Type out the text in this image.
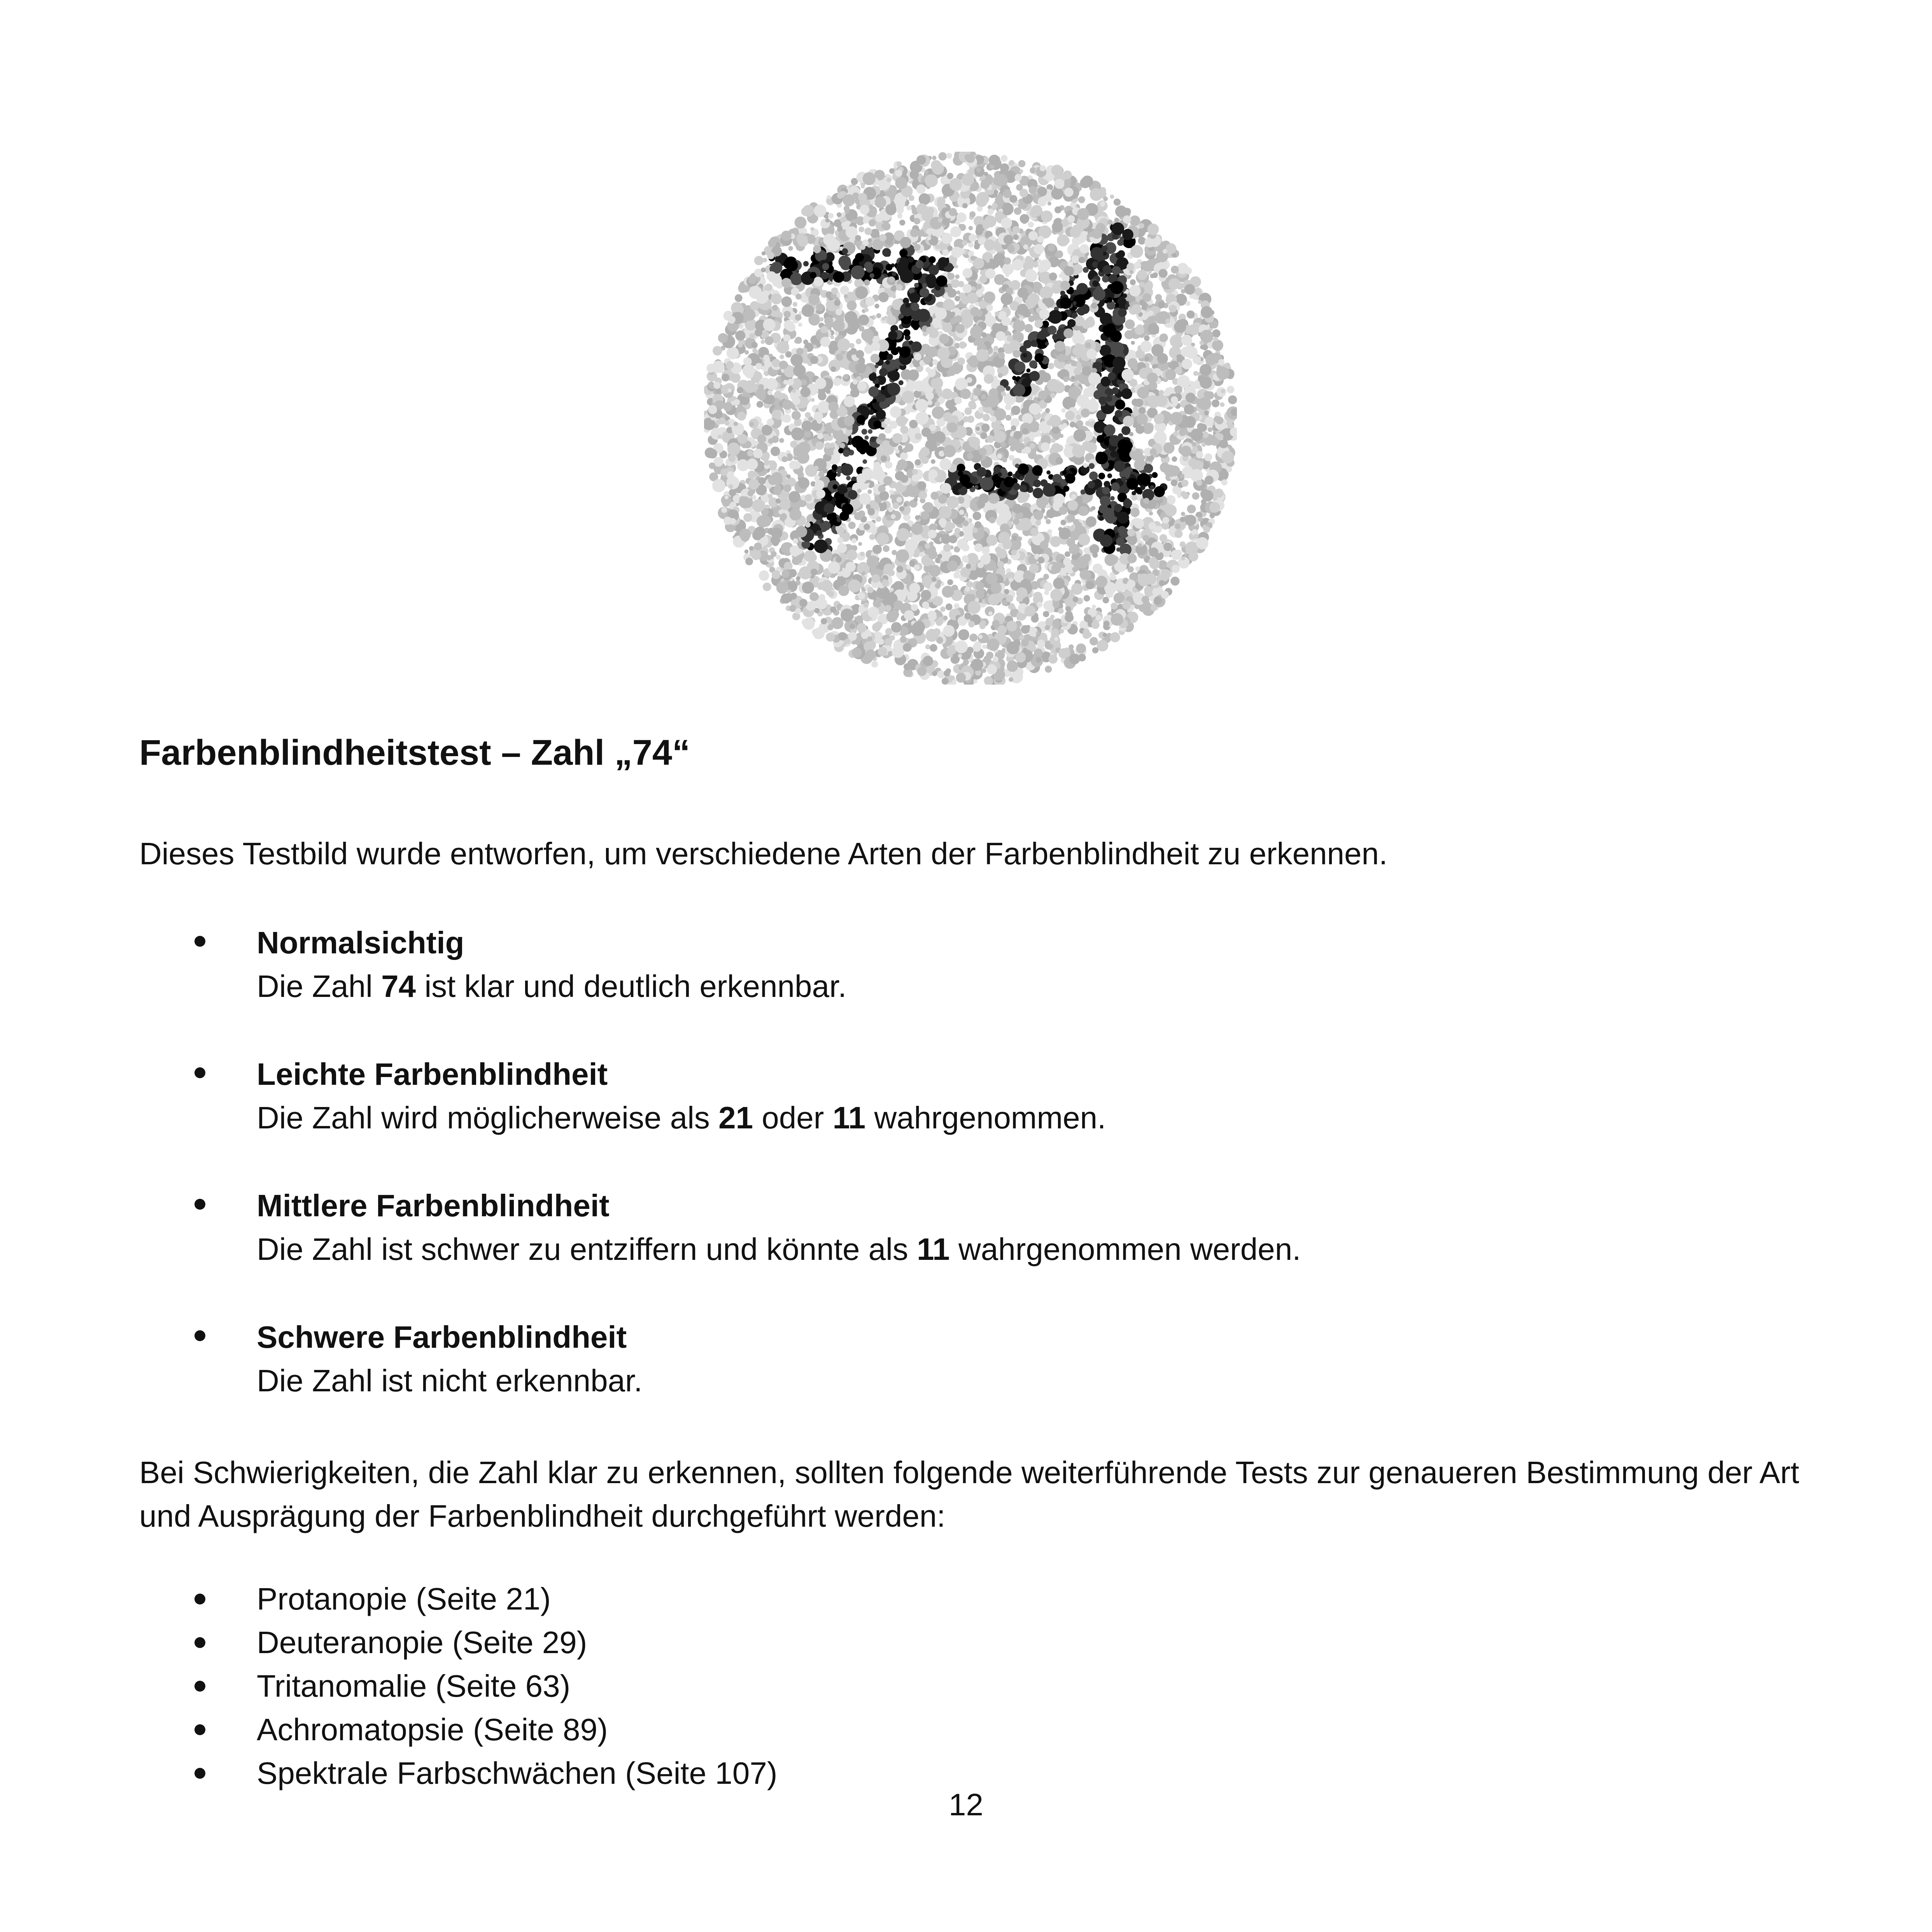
Farbenblindheitstest – Zahl „74“

Dieses Testbild wurde entworfen, um verschiedene Arten der Farbenblindheit zu erkennen.

Normalsichtig
Die Zahl 74 ist klar und deutlich erkennbar.
Leichte Farbenblindheit
Die Zahl wird möglicherweise als 21 oder 11 wahrgenommen.
Mittlere Farbenblindheit
Die Zahl ist schwer zu entziffern und könnte als 11 wahrgenommen werden.
Schwere Farbenblindheit
Die Zahl ist nicht erkennbar.

Bei Schwierigkeiten, die Zahl klar zu erkennen, sollten folgende weiterführende Tests zur genaueren Bestimmung der Art und Ausprägung der Farbenblindheit durchgeführt werden:

Protanopie (Seite 21)
Deuteranopie (Seite 29)
Tritanomalie (Seite 63)
Achromatopsie (Seite 89)
Spektrale Farbschwächen (Seite 107)

12
